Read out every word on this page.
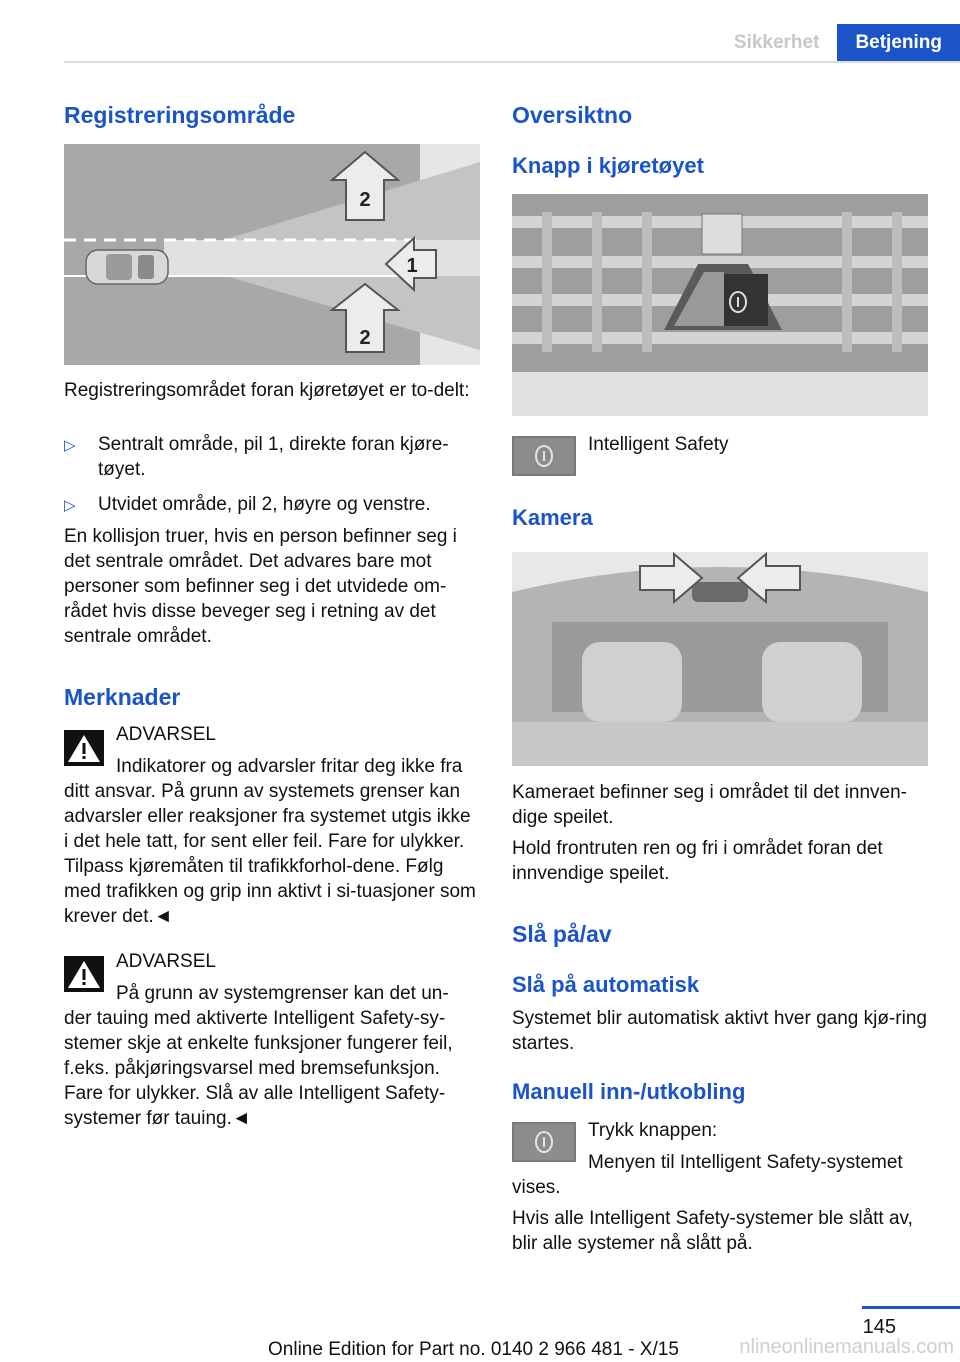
Sikkerhet	Betjening
Registreringsområde
2
1
2

Registreringsområdet foran kjøretøyet er to-delt:

▷ Sentralt område, pil 1, direkte foran kjøre-tøyet.

▷ Utvidet område, pil 2, høyre og venstre.

En kollisjon truer, hvis en person befinner seg i det sentrale området. Det advares bare mot personer som befinner seg i det utvidede om-rådet hvis disse beveger seg i retning av det sentrale området.

Merknader

ADVARSEL

Indikatorer og advarsler fritar deg ikke fra

ditt ansvar. På grunn av systemets grenser kan advarsler eller reaksjoner fra systemet utgis ikke i det hele tatt, for sent eller feil. Fare for ulykker. Tilpass kjøremåten til trafikkforhol-dene. Følg med trafikken og grip inn aktivt i si-tuasjoner som krever det.◄

ADVARSEL

På grunn av systemgrenser kan det un-

der tauing med aktiverte Intelligent Safety-sy-stemer skje at enkelte funksjoner fungerer feil, f.eks. påkjøringsvarsel med bremsefunksjon. Fare for ulykker. Slå av alle Intelligent Safety-systemer før tauing.◄

Oversiktno
Knapp i kjøretøyet

Intelligent Safety

Kamera

Kameraet befinner seg i området til det innven-dige speilet.

Hold frontruten ren og fri i området foran det innvendige speilet.

Slå på/av
Slå på automatisk

Systemet blir automatisk aktivt hver gang kjø-ring startes.

Manuell inn-/utkobling

Trykk knappen:

Menyen til Intelligent Safety-systemet

vises.

Hvis alle Intelligent Safety-systemer ble slått av, blir alle systemer nå slått på.

145
Online Edition for Part no. 0140 2 966 481 - X/15	nlineonlinemanuals.com
